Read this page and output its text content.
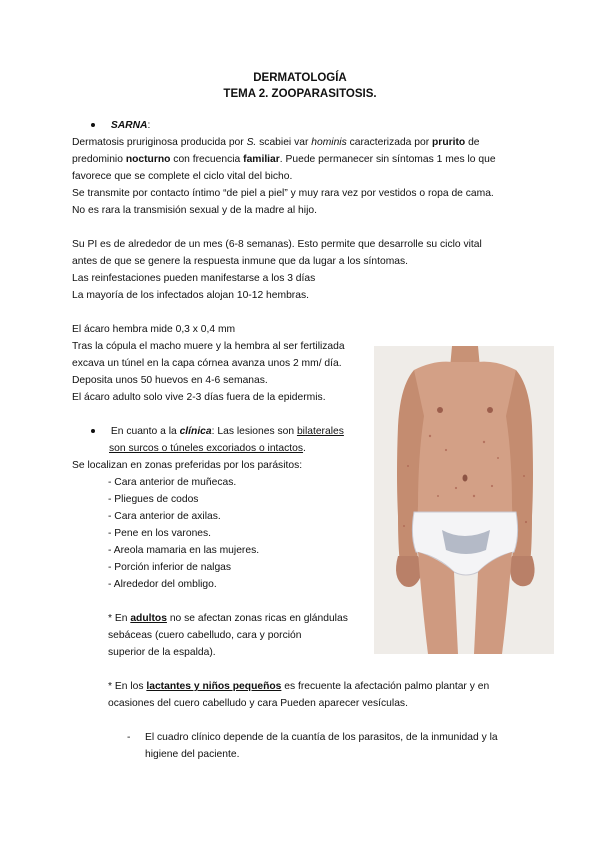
DERMATOLOGÍA
TEMA 2. ZOOPARASITOSIS.
SARNA:
Dermatosis pruriginosa producida por S. scabiei var hominis caracterizada por prurito de
predominio nocturno con frecuencia familiar. Puede permanecer sin síntomas 1 mes lo que
favorece que se complete el ciclo vital del bicho.
Se transmite por contacto íntimo “de piel a piel” y muy rara vez por vestidos o ropa de cama.
No es rara la transmisión sexual y de la madre al hijo.
Su PI es de alrededor de un mes (6-8 semanas). Esto permite que desarrolle su ciclo vital
antes de que se genere la respuesta inmune que da lugar a los síntomas.
Las reinfestaciones pueden manifestarse a los 3 días
La mayoría de los infectados alojan 10-12 hembras.
El ácaro hembra mide 0,3 x 0,4 mm
Tras la cópula el macho muere y la hembra al ser fertilizada
excava un túnel en la capa córnea avanza unos 2 mm/ día.
Deposita unos 50 huevos en 4-6 semanas.
El ácaro adulto solo vive 2-3 días fuera de la epidermis.
En cuanto a la clínica: Las lesiones son bilaterales
son surcos o túneles excoriados o intactos.
Se localizan en zonas preferidas por los parásitos:
- Cara anterior de muñecas.
- Pliegues de codos
- Cara anterior de axilas.
- Pene en los varones.
- Areola mamaria en las mujeres.
- Porción inferior de nalgas
- Alrededor del ombligo.
* En adultos no se afectan zonas ricas en glándulas
sebáceas (cuero cabelludo, cara y porción
superior de la espalda).
* En los lactantes y niños pequeños es frecuente la afectación palmo plantar y en
ocasiones del cuero cabelludo y cara Pueden aparecer vesículas.
- El cuadro clínico depende de la cuantía de los parasitos, de la inmunidad y la
higiene del paciente.
